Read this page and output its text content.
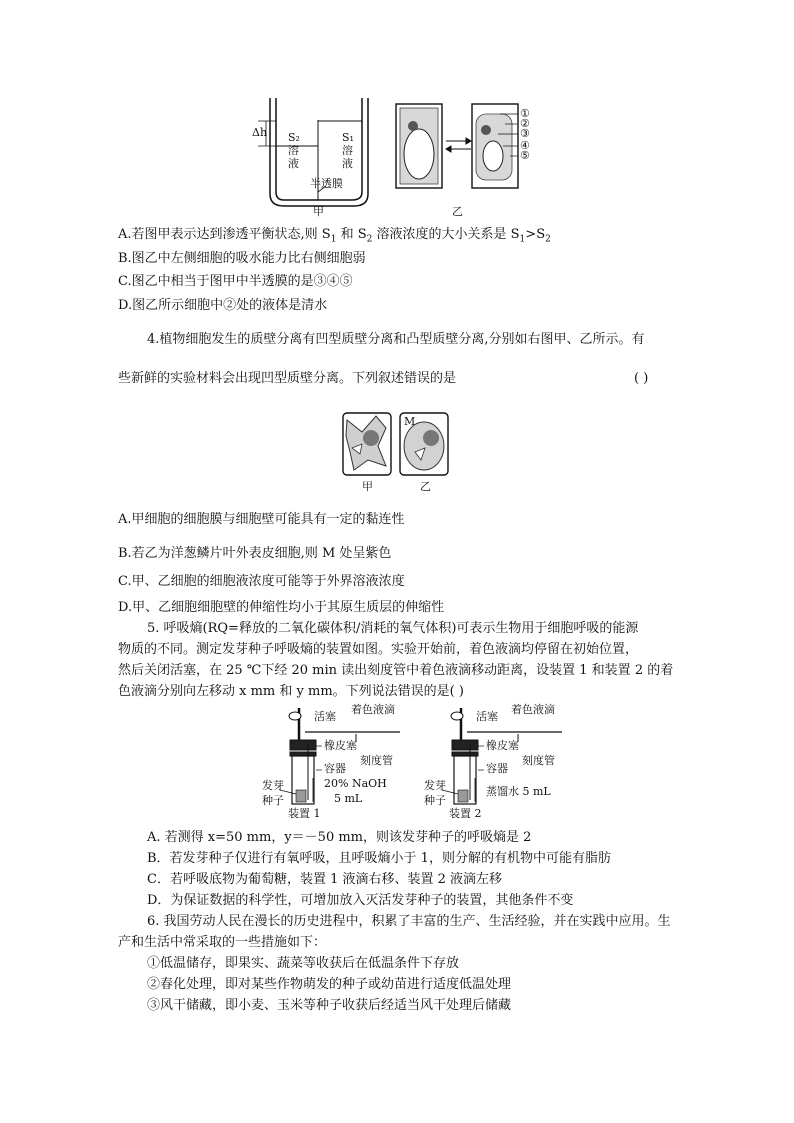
Δh S₂
溶
液
S₁
溶
液
半透膜
甲	乙
①
②
③
④
⑤
A.若图甲表示达到渗透平衡状态,则 $S_1$ 和 $S_2$ 溶液浓度的大小关系是 $S_1>S_2$
B.图乙中左侧细胞的吸水能力比右侧细胞弱
C.图乙中相当于图甲中半透膜的是③④⑤
D.图乙所示细胞中②处的液体是清水
4.植物细胞发生的质壁分离有凹型质壁分离和凸型质壁分离,分别如右图甲、乙所示。有
些新鲜的实验材料会出现凹型质壁分离。下列叙述错误的是	( )
M
甲	乙
A.甲细胞的细胞膜与细胞壁可能具有一定的黏连性
B.若乙为洋葱鳞片叶外表皮细胞,则 M 处呈紫色
C.甲、乙细胞的细胞液浓度可能等于外界溶液浓度
D.甲、乙细胞细胞壁的伸缩性均小于其原生质层的伸缩性
5. 呼吸熵(RQ=释放的二氧化碳体积/消耗的氧气体积)可表示生物用于细胞呼吸的能源
物质的不同。测定发芽种子呼吸熵的装置如图。实验开始前，着色液滴均停留在初始位置，
然后关闭活塞，在 25 ℃下经 20 min 读出刻度管中着色液滴移动距离，设装置 1 和装置 2 的着
色液滴分别向左移动 x mm 和 y mm。下列说法错误的是( )
活塞
着色液滴
橡皮塞
刻度管
容器
发芽
种子
20% NaOH
5 mL
装置 1
活塞
着色液滴
橡皮塞
刻度管
容器
发芽
种子
蒸馏水 5 mL
装置 2
A. 若测得 x=50 mm，y＝－50 mm，则该发芽种子的呼吸熵是 2
B．若发芽种子仅进行有氧呼吸，且呼吸熵小于 1，则分解的有机物中可能有脂肪
C．若呼吸底物为葡萄糖，装置 1 液滴右移、装置 2 液滴左移
D．为保证数据的科学性，可增加放入灭活发芽种子的装置，其他条件不变
6. 我国劳动人民在漫长的历史进程中，积累了丰富的生产、生活经验，并在实践中应用。生
产和生活中常采取的一些措施如下：
①低温储存，即果实、蔬菜等收获后在低温条件下存放
②春化处理，即对某些作物萌发的种子或幼苗进行适度低温处理
③风干储藏，即小麦、玉米等种子收获后经适当风干处理后储藏
